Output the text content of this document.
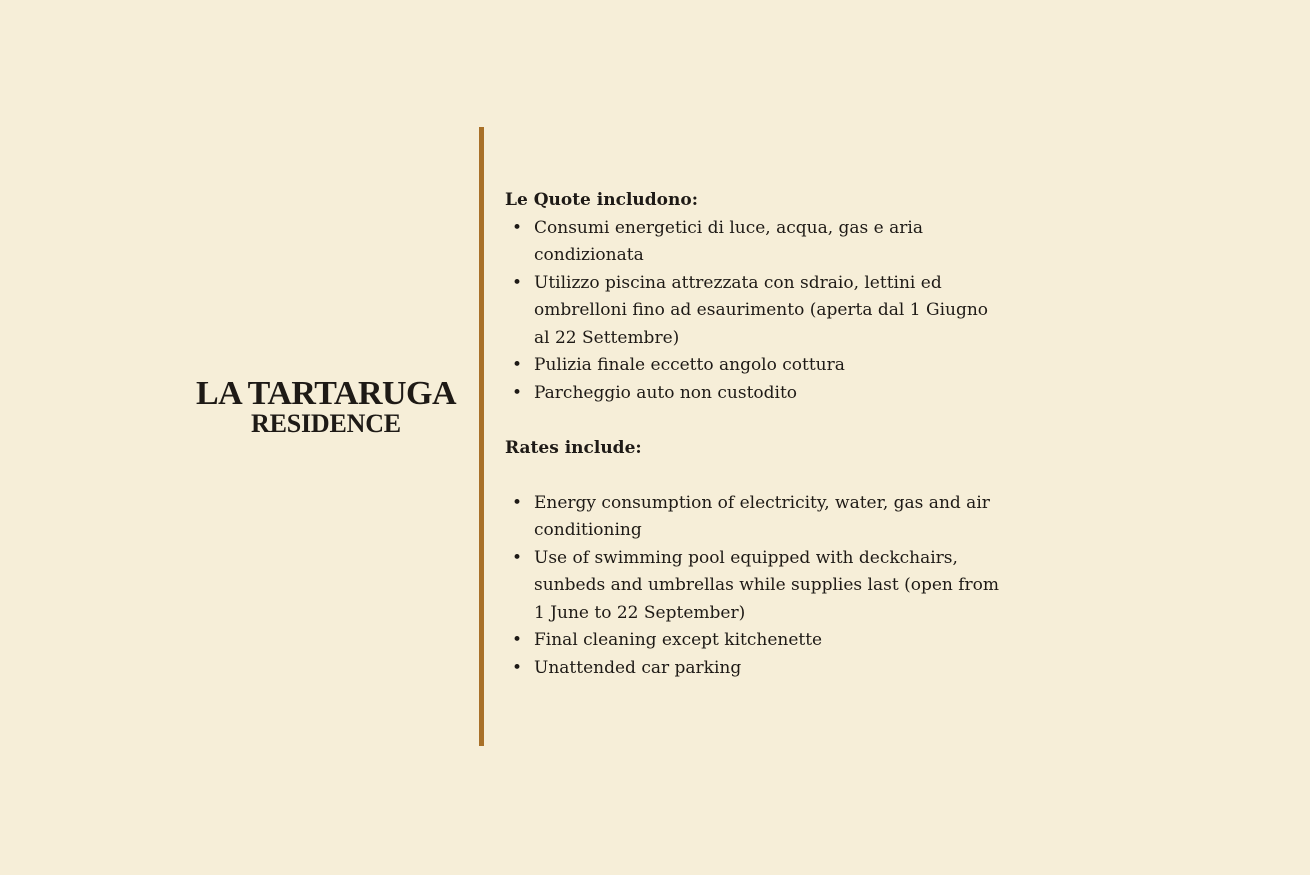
LA TARTARUGA
RESIDENCE

Le Quote includono:

• Consumi energetici di luce, acqua, gas e aria condizionata
• Utilizzo piscina attrezzata con sdraio, lettini ed ombrelloni fino ad esaurimento (aperta dal 1 Giugno al 22 Settembre)
• Pulizia finale eccetto angolo cottura
• Parcheggio auto non custodito

Rates include:

• Energy consumption of electricity, water, gas and air conditioning
• Use of swimming pool equipped with deckchairs, sunbeds and umbrellas while supplies last (open from 1 June to 22 September)
• Final cleaning except kitchenette
• Unattended car parking
